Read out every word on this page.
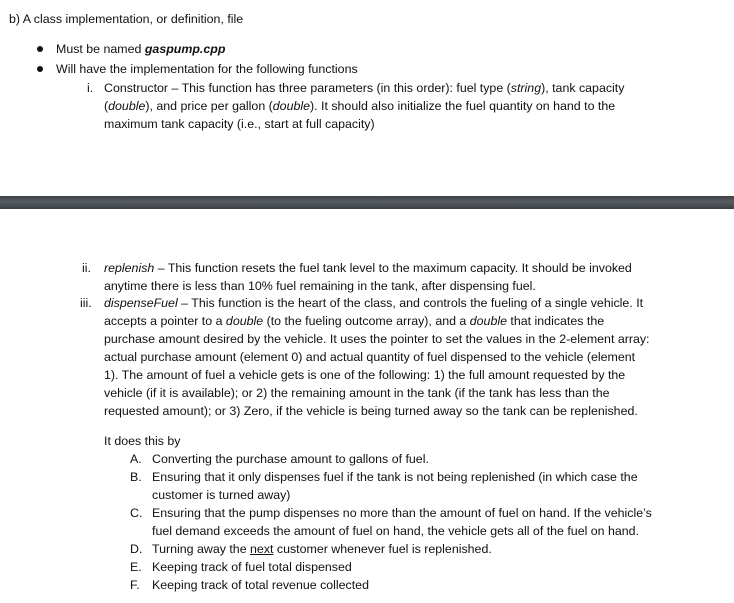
b) A class implementation, or definition, file
Must be named gaspump.cpp
Will have the implementation for the following functions
i. Constructor – This function has three parameters (in this order): fuel type (string), tank capacity
(double), and price per gallon (double). It should also initialize the fuel quantity on hand to the
maximum tank capacity (i.e., start at full capacity)
ii. replenish – This function resets the fuel tank level to the maximum capacity. It should be invoked
anytime there is less than 10% fuel remaining in the tank, after dispensing fuel.
iii. dispenseFuel – This function is the heart of the class, and controls the fueling of a single vehicle. It
accepts a pointer to a double (to the fueling outcome array), and a double that indicates the
purchase amount desired by the vehicle. It uses the pointer to set the values in the 2-element array:
actual purchase amount (element 0) and actual quantity of fuel dispensed to the vehicle (element
1). The amount of fuel a vehicle gets is one of the following: 1) the full amount requested by the
vehicle (if it is available); or 2) the remaining amount in the tank (if the tank has less than the
requested amount); or 3) Zero, if the vehicle is being turned away so the tank can be replenished.
It does this by
A. Converting the purchase amount to gallons of fuel.
B. Ensuring that it only dispenses fuel if the tank is not being replenished (in which case the
customer is turned away)
C. Ensuring that the pump dispenses no more than the amount of fuel on hand. If the vehicle’s
fuel demand exceeds the amount of fuel on hand, the vehicle gets all of the fuel on hand.
D. Turning away the next customer whenever fuel is replenished.
E. Keeping track of fuel total dispensed
F. Keeping track of total revenue collected
